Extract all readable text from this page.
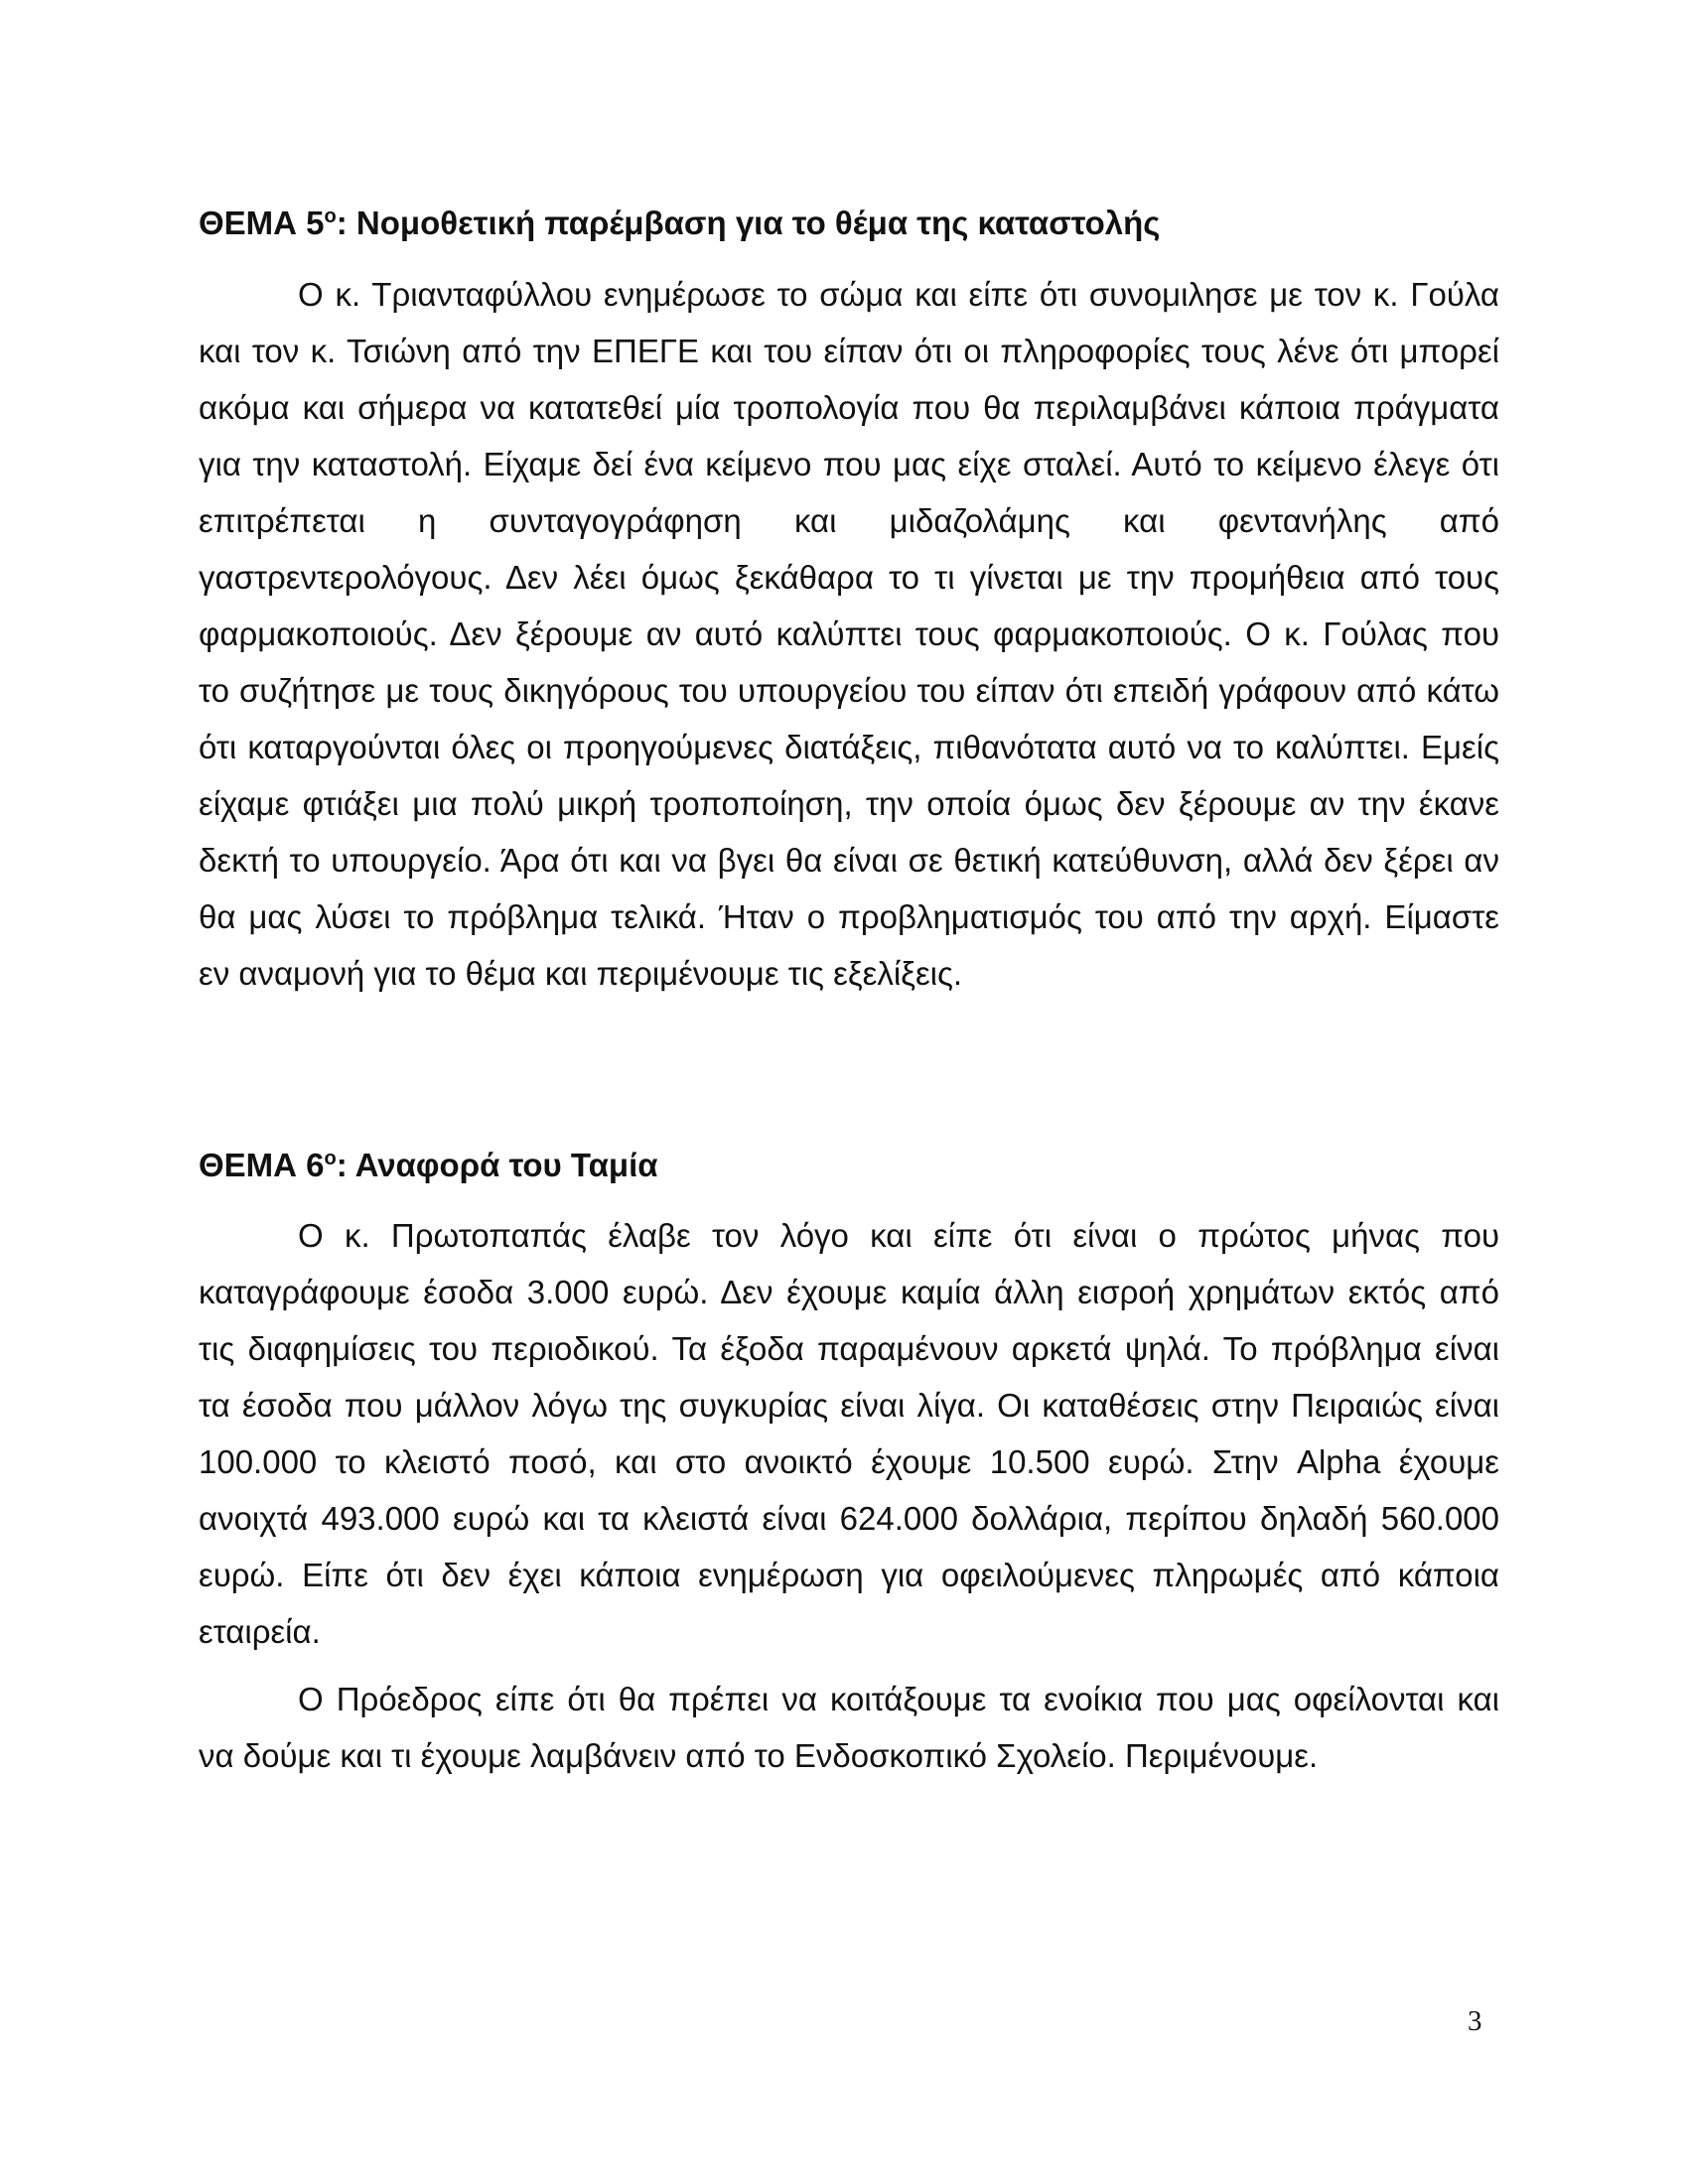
ΘΕΜΑ $5^o$: Νομοθετική παρέμβαση για το θέμα της καταστολής
Ο κ. Τριανταφύλλου ενημέρωσε το σώμα και είπε ότι συνομιλησε με τον κ. Γούλα
και τον κ. Τσιώνη από την ΕΠΕΓΕ και του είπαν ότι οι πληροφορίες τους λένε ότι μπορεί
ακόμα και σήμερα να κατατεθεί μία τροπολογία που θα περιλαμβάνει κάποια πράγματα
για την καταστολή. Είχαμε δεί ένα κείμενο που μας είχε σταλεί. Αυτό το κείμενο έλεγε ότι
επιτρέπεται η συνταγογράφηση και μιδαζολάμης και φεντανήλης από
γαστρεντερολόγους. Δεν λέει όμως ξεκάθαρα το τι γίνεται με την προμήθεια από τους
φαρμακοποιούς. Δεν ξέρουμε αν αυτό καλύπτει τους φαρμακοποιούς. Ο κ. Γούλας που
το συζήτησε με τους δικηγόρους του υπουργείου του είπαν ότι επειδή γράφουν από κάτω
ότι καταργούνται όλες οι προηγούμενες διατάξεις, πιθανότατα αυτό να το καλύπτει. Εμείς
είχαμε φτιάξει μια πολύ μικρή τροποποίηση, την οποία όμως δεν ξέρουμε αν την έκανε
δεκτή το υπουργείο. Άρα ότι και να βγει θα είναι σε θετική κατεύθυνση, αλλά δεν ξέρει αν
θα μας λύσει το πρόβλημα τελικά. Ήταν ο προβληματισμός του από την αρχή. Είμαστε
εν αναμονή για το θέμα και περιμένουμε τις εξελίξεις.
ΘΕΜΑ $6^o$: Αναφορά του Ταμία
Ο κ. Πρωτοπαπάς έλαβε τον λόγο και είπε ότι είναι ο πρώτος μήνας που
καταγράφουμε έσοδα 3.000 ευρώ. Δεν έχουμε καμία άλλη εισροή χρημάτων εκτός από
τις διαφημίσεις του περιοδικού. Τα έξοδα παραμένουν αρκετά ψηλά. Το πρόβλημα είναι
τα έσοδα που μάλλον λόγω της συγκυρίας είναι λίγα. Οι καταθέσεις στην Πειραιώς είναι
100.000 το κλειστό ποσό, και στο ανοικτό έχουμε 10.500 ευρώ. Στην Alpha έχουμε
ανοιχτά 493.000 ευρώ και τα κλειστά είναι 624.000 δολλάρια, περίπου δηλαδή 560.000
ευρώ. Είπε ότι δεν έχει κάποια ενημέρωση για οφειλούμενες πληρωμές από κάποια
εταιρεία.
Ο Πρόεδρος είπε ότι θα πρέπει να κοιτάξουμε τα ενοίκια που μας οφείλονται και
να δούμε και τι έχουμε λαμβάνειν από το Ενδοσκοπικό Σχολείο. Περιμένουμε.
3
